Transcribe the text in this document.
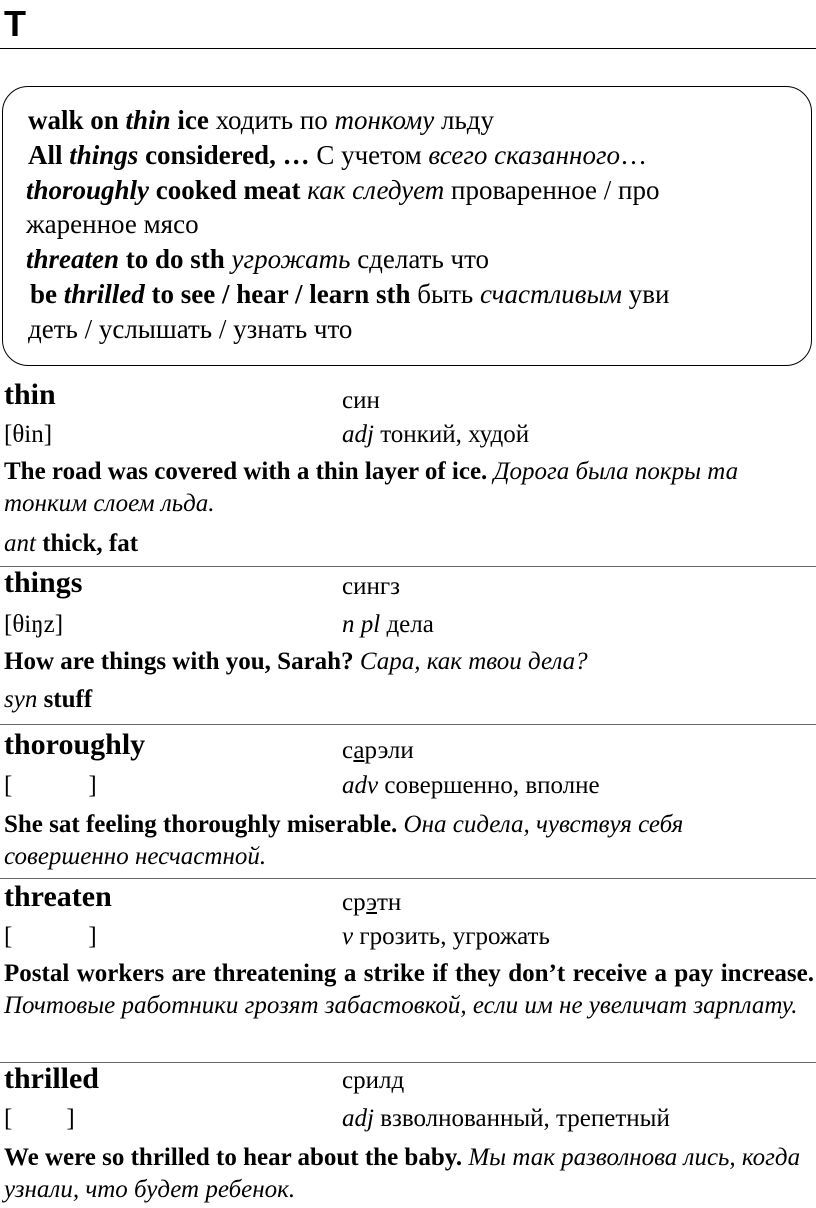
T
walk on thin ice ходить по тонкому льду
All things considered, … С учетом всего сказанного…
thoroughly cooked meat как следует проваренное / про
жаренное мясо
threaten to do sth угрожать сделать что
be thrilled to see / hear / learn sth быть счастливым уви
деть / услышать / узнать что
thin	син
[θin]	adj тонкий, худой
The road was covered with a thin layer of ice. Дорога была покры та тонким слоем льда.
ant thick, fat
things	сингз
[θiŋz]	n pl дела
How are things with you, Sarah? Сара, как твои дела?
syn stuff
thoroughly	сарэли
[	]	adv совершенно, вполне
She sat feeling thoroughly miserable. Она сидела, чувствуя себя совершенно несчастной.
threaten	срэтн
[	]	v грозить, угрожать
Postal workers are threatening a strike if they don’t receive a pay increase. Почтовые работники грозят забастовкой, если им не увеличат зарплату.
thrilled	срилд
[ ]	adj взволнованный, трепетный
We were so thrilled to hear about the baby. Мы так разволнова лись, когда узнали, что будет ребенок.
